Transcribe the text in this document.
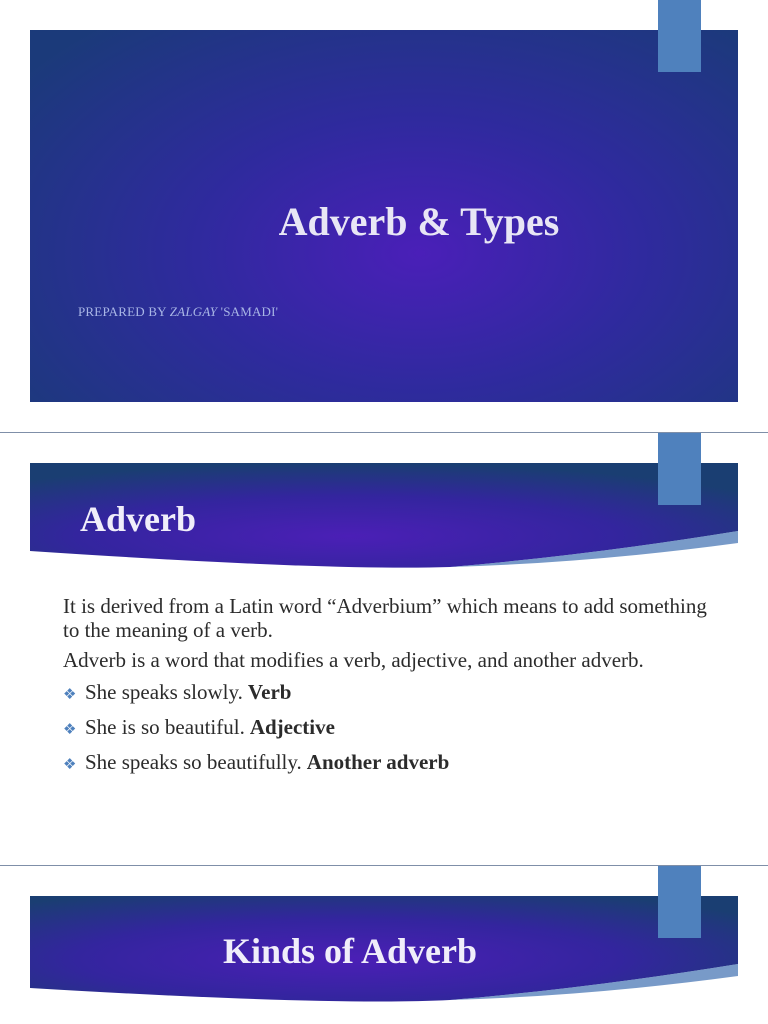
Adverb & Types
PREPARED BY ZALGAY 'SAMADI'
Adverb

It is derived from a Latin word “Adverbium” which means to add something to the meaning of a verb.

Adverb is a word that modifies a verb, adjective, and another adverb.

❖ She speaks slowly. Verb
❖ She is so beautiful. Adjective
❖ She speaks so beautifully. Another adverb
Kinds of Adverb
